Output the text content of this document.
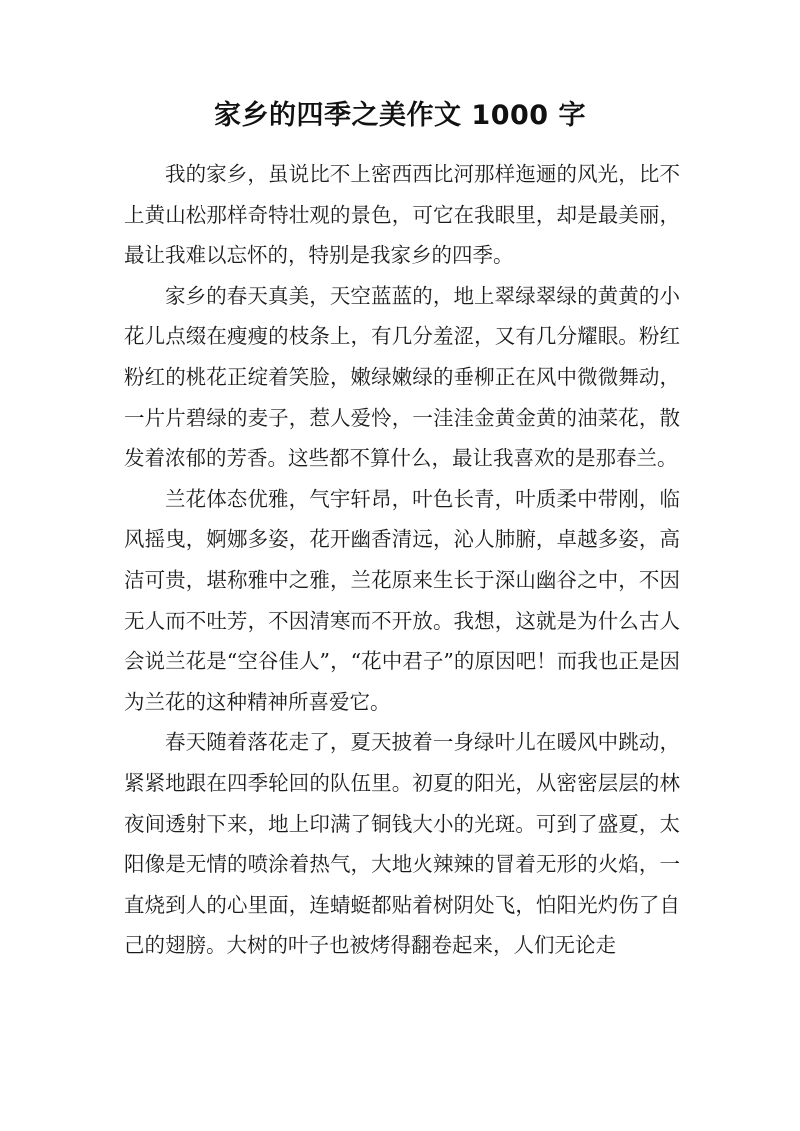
家乡的四季之美作文 1000 字

我的家乡，虽说比不上密西西比河那样迤逦的风光，比不上黄山松那样奇特壮观的景色，可它在我眼里，却是最美丽，最让我难以忘怀的，特别是我家乡的四季。

家乡的春天真美，天空蓝蓝的，地上翠绿翠绿的黄黄的小花儿点缀在瘦瘦的枝条上，有几分羞涩，又有几分耀眼。粉红粉红的桃花正绽着笑脸，嫩绿嫩绿的垂柳正在风中微微舞动，一片片碧绿的麦子，惹人爱怜，一洼洼金黄金黄的油菜花，散发着浓郁的芳香。这些都不算什么，最让我喜欢的是那春兰。

兰花体态优雅，气宇轩昂，叶色长青，叶质柔中带刚，临风摇曳，婀娜多姿，花开幽香清远，沁人肺腑，卓越多姿，高洁可贵，堪称雅中之雅，兰花原来生长于深山幽谷之中，不因无人而不吐芳，不因清寒而不开放。我想，这就是为什么古人会说兰花是“空谷佳人”，“花中君子”的原因吧！而我也正是因为兰花的这种精神所喜爱它。

春天随着落花走了，夏天披着一身绿叶儿在暖风中跳动，紧紧地跟在四季轮回的队伍里。初夏的阳光，从密密层层的林夜间透射下来，地上印满了铜钱大小的光斑。可到了盛夏，太阳像是无情的喷涂着热气，大地火辣辣的冒着无形的火焰，一直烧到人的心里面，连蜻蜓都贴着树阴处飞，怕阳光灼伤了自己的翅膀。大树的叶子也被烤得翻卷起来，人们无论走
